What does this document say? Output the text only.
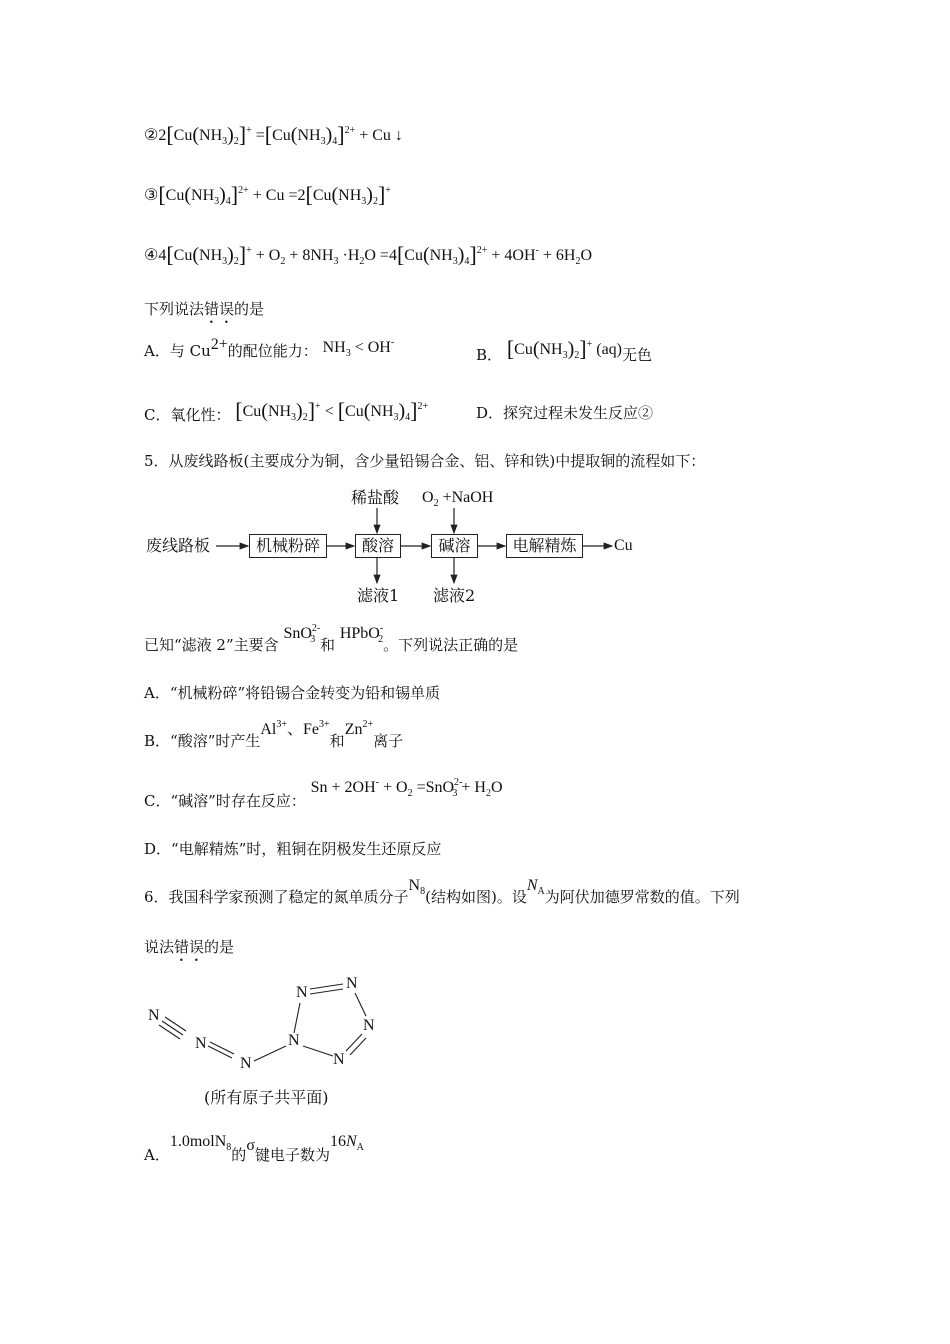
$②2[Cu(NH_3)_2]^+ =[Cu(NH_3)_4]^{2+} + Cu$ ↓
$③[Cu(NH_3)_4]^{2+} + Cu =2[Cu(NH_3)_2]^+$
$④4[Cu(NH_3)_2]^+ + O_2 + 8NH_3 \cdot H_2O =4[Cu(NH_3)_4]^{2+} + 4OH^- + 6H_2O$
下列说法错误的是
A．与 $Cu^{2+}$的配位能力： $NH_3 < OH^-$
B． $[Cu(NH_3)_2]^+$ (aq)无色
C．氧化性： $[Cu(NH_3)_2]^+ < [Cu(NH_3)_4]^{2+}$	D．探究过程未发生反应②
5．从废线路板(主要成分为铜，含少量铅锡合金、铝、锌和铁)中提取铜的流程如下：
废线路板	机械粉碎	酸溶	碱溶	电解精炼	Cu
稀盐酸 $O_2$ +NaOH
滤液1 滤液2
已知“滤液 2”主要含 SnO$^{2-}_3$ 和 HPbO-$_2$。下列说法正确的是
A．“机械粉碎”将铅锡合金转变为铅和锡单质
B．“酸溶”时产生$Al^{3+}$、$Fe^{3+}$和$Zn^{2+}$离子
C．“碱溶”时存在反应： $Sn + 2OH^- + O_2 =SnO^{2-}_3 + H_2O$
D．“电解精炼”时，粗铜在阴极发生还原反应
6．我国科学家预测了稳定的氮单质分子$N_8$(结构如图)。设$N_A$为阿伏加德罗常数的值。下列
说法错误的是
N
N
N
N
N
N
N
N
(所有原子共平面)
A．1.0molN$_8$的σ键电子数为$16N_A$
